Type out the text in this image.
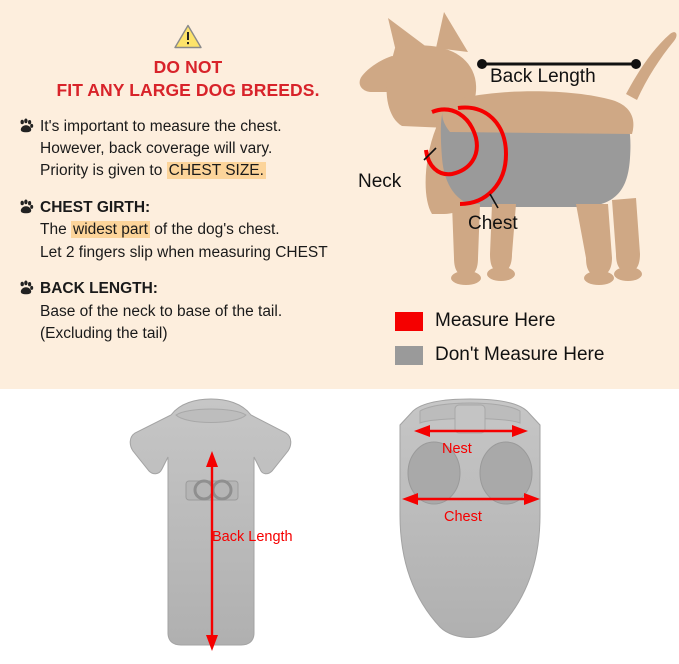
DO NOT
FIT ANY LARGE DOG BREEDS.
It's important to measure the chest.
However, back coverage will vary.
Priority is given to CHEST SIZE.
CHEST GIRTH:
The widest part of the dog's chest.
Let 2 fingers slip when measuring CHEST
BACK LENGTH:
Base of the neck to base of the tail.
(Excluding the tail)
Back Length
Neck
Chest
Measure Here
Don't Measure Here
Back Length
Nest
Chest
